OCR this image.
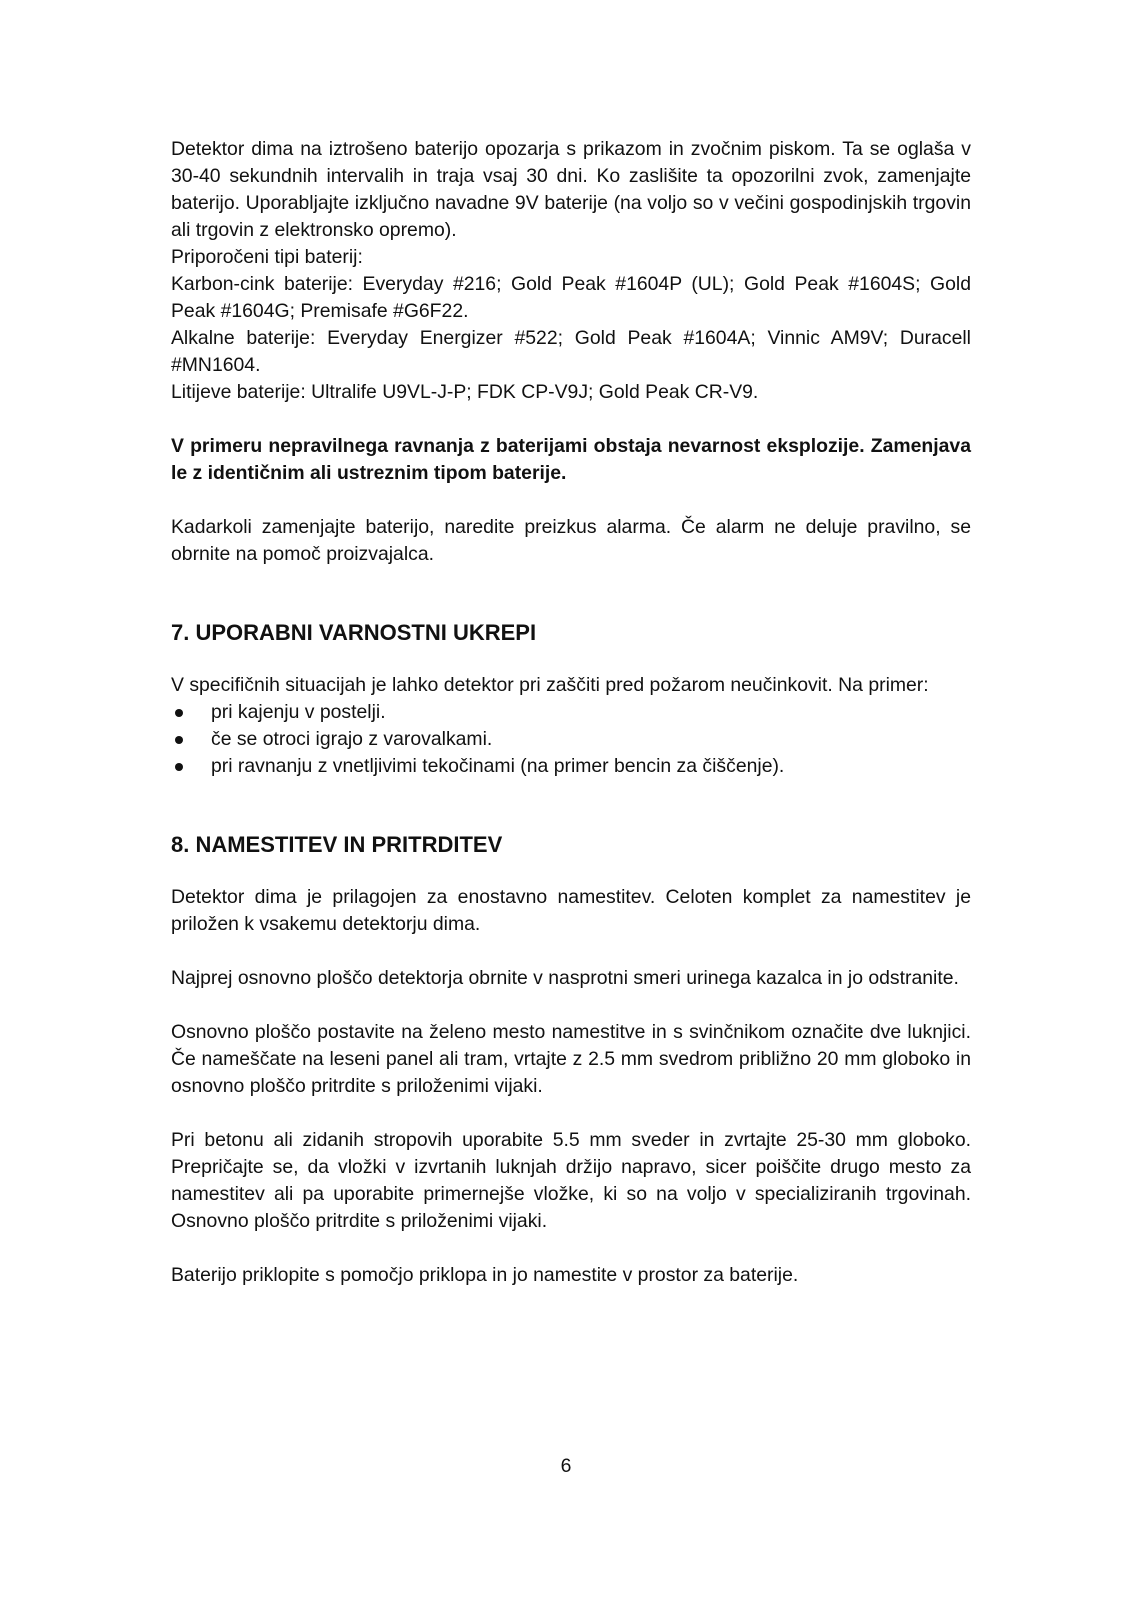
Detektor dima na iztrošeno baterijo opozarja s prikazom in zvočnim piskom. Ta se oglaša v 30-40 sekundnih intervalih in traja vsaj 30 dni. Ko zaslišite ta opozorilni zvok, zamenjajte baterijo. Uporabljajte izključno navadne 9V baterije (na voljo so v večini gospodinjskih trgovin ali trgovin z elektronsko opremo).

Priporočeni tipi baterij:

Karbon-cink baterije: Everyday #216; Gold Peak #1604P (UL); Gold Peak #1604S; Gold Peak #1604G; Premisafe #G6F22.

Alkalne baterije: Everyday Energizer #522; Gold Peak #1604A; Vinnic AM9V; Duracell #MN1604.

Litijeve baterije: Ultralife U9VL-J-P; FDK CP-V9J; Gold Peak CR-V9.

V primeru nepravilnega ravnanja z baterijami obstaja nevarnost eksplozije. Zamenjava le z identičnim ali ustreznim tipom baterije.

Kadarkoli zamenjajte baterijo, naredite preizkus alarma. Če alarm ne deluje pravilno, se obrnite na pomoč proizvajalca.

7. UPORABNI VARNOSTNI UKREPI

V specifičnih situacijah je lahko detektor pri zaščiti pred požarom neučinkovit. Na primer:

pri kajenju v postelji.
če se otroci igrajo z varovalkami.
pri ravnanju z vnetljivimi tekočinami (na primer bencin za čiščenje).
8. NAMESTITEV IN PRITRDITEV

Detektor dima je prilagojen za enostavno namestitev. Celoten komplet za namestitev je priložen k vsakemu detektorju dima.

Najprej osnovno ploščo detektorja obrnite v nasprotni smeri urinega kazalca in jo odstranite.

Osnovno ploščo postavite na želeno mesto namestitve in s svinčnikom označite dve luknjici. Če nameščate na leseni panel ali tram, vrtajte z 2.5 mm svedrom približno 20 mm globoko in osnovno ploščo pritrdite s priloženimi vijaki.

Pri betonu ali zidanih stropovih uporabite 5.5 mm sveder in zvrtajte 25-30 mm globoko. Prepričajte se, da vložki v izvrtanih luknjah držijo napravo, sicer poiščite drugo mesto za namestitev ali pa uporabite primernejše vložke, ki so na voljo v specializiranih trgovinah. Osnovno ploščo pritrdite s priloženimi vijaki.

Baterijo priklopite s pomočjo priklopa in jo namestite v prostor za baterije.

6
